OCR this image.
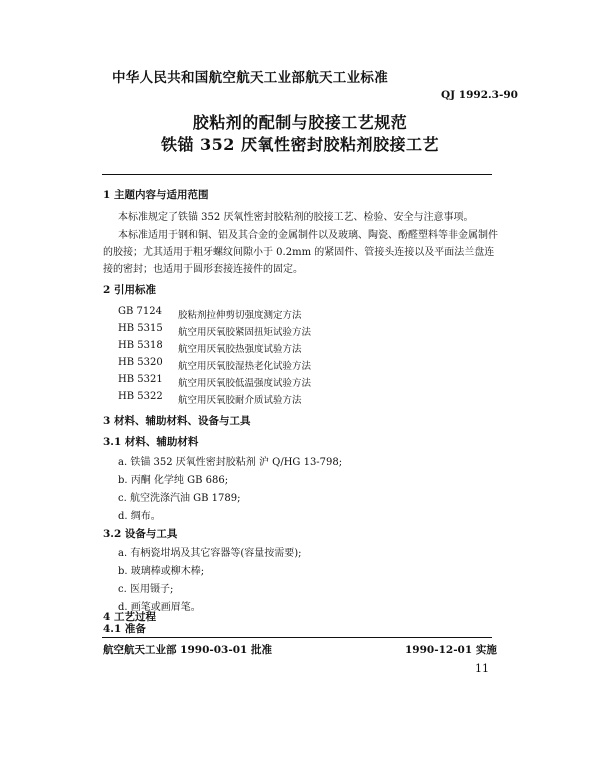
中华人民共和国航空航天工业部航天工业标准
QJ 1992.3-90
胶粘剂的配制与胶接工艺规范
铁锚 352 厌氧性密封胶粘剂胶接工艺
1 主题内容与适用范围
本标准规定了铁锚 352 厌氧性密封胶粘剂的胶接工艺、检验、安全与注意事项。
本标准适用于钢和铜、铝及其合金的金属制件以及玻璃、陶瓷、酚醛塑料等非金属制件
的胶接；尤其适用于粗牙螺纹间隙小于 0.2mm 的紧固件、管接头连接以及平面法兰盘连
接的密封；也适用于圆形套接连接件的固定。
2 引用标准
GB 7124 胶粘剂拉伸剪切强度测定方法
HB 5315 航空用厌氧胶紧固扭矩试验方法
HB 5318 航空用厌氧胶热强度试验方法
HB 5320 航空用厌氧胶湿热老化试验方法
HB 5321 航空用厌氧胶低温强度试验方法
HB 5322 航空用厌氧胶耐介质试验方法
3 材料、辅助材料、设备与工具
3.1 材料、辅助材料
a. 铁锚 352 厌氧性密封胶粘剂 沪 Q/HG 13-798;
b. 丙酮 化学纯 GB 686;
c. 航空洗涤汽油 GB 1789;
d. 绸布。
3.2 设备与工具
a. 有柄瓷坩埚及其它容器等(容量按需要);
b. 玻璃棒或柳木棒;
c. 医用镊子;
d. 画笔或画眉笔。
4 工艺过程
4.1 准备
航空航天工业部 1990-03-01 批准	1990-12-01 实施
11
